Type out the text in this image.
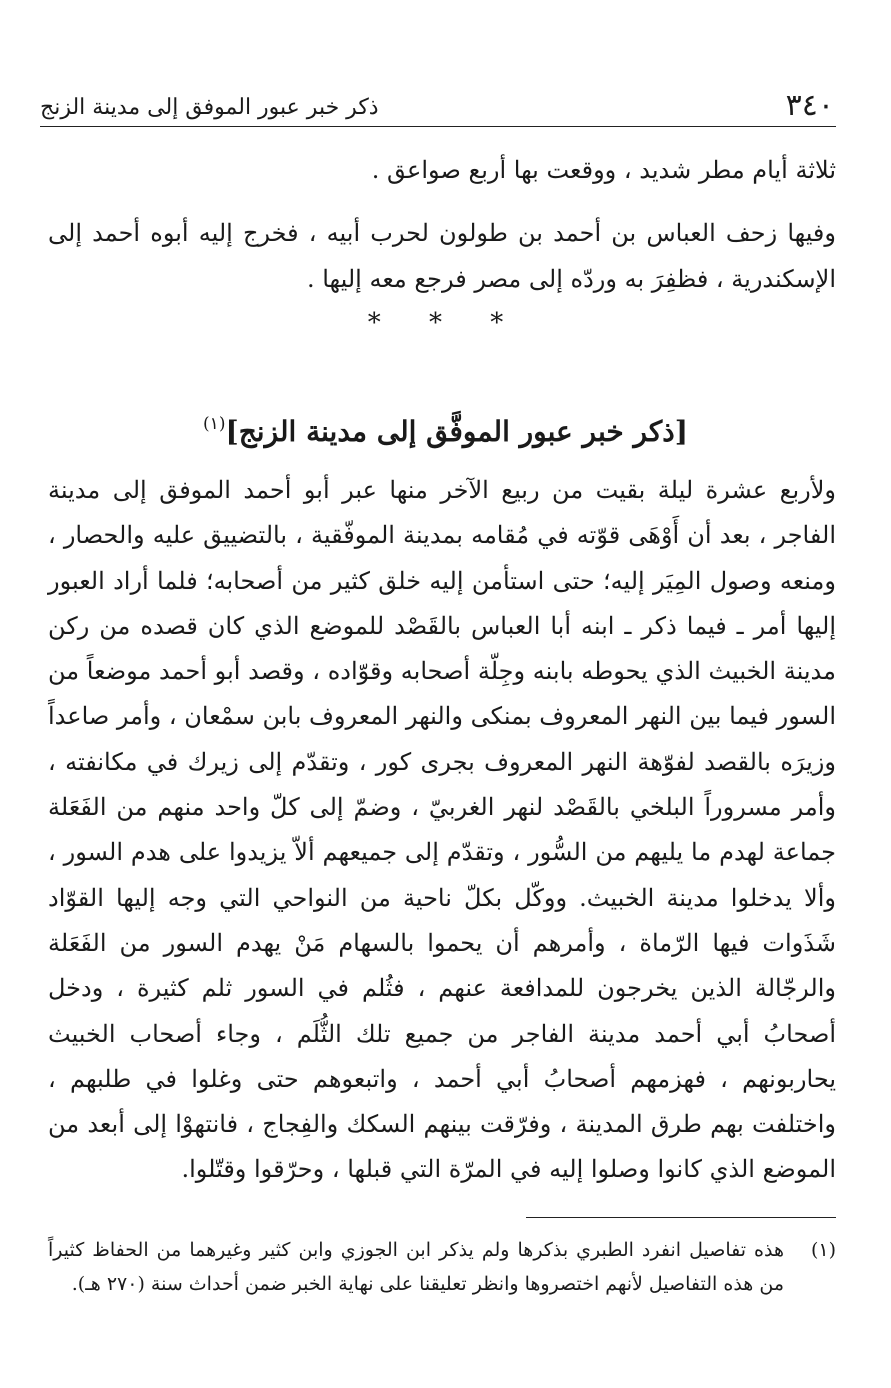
٣٤٠
ذكر خبر عبور الموفق إلى مدينة الزنج

ثلاثة أيام مطر شديد ، ووقعت بها أربع صواعق .

وفيها زحف العباس بن أحمد بن طولون لحرب أبيه ، فخرج إليه أبوه أحمد إلى الإسكندرية ، فظفِرَ به وردّه إلى مصر فرجع معه إليها .

* * *
[ذكر خبر عبور الموفَّق إلى مدينة الزنج]$^{(١)}$

ولأربع عشرة ليلة بقيت من ربيع الآخر منها عبر أبو أحمد الموفق إلى مدينة الفاجر ، بعد أن أَوْهَى قوّته في مُقامه بمدينة الموفّقية ، بالتضييق عليه والحصار ، ومنعه وصول المِيَر إليه؛ حتى استأمن إليه خلق كثير من أصحابه؛ فلما أراد العبور إليها أمر ـ فيما ذكر ـ ابنه أبا العباس بالقَصْد للموضع الذي كان قصده من ركن مدينة الخبيث الذي يحوطه بابنه وجِلّة أصحابه وقوّاده ، وقصد أبو أحمد موضعاً من السور فيما بين النهر المعروف بمنكى والنهر المعروف بابن سمْعان ، وأمر صاعداً وزيرَه بالقصد لفوّهة النهر المعروف بجرى كور ، وتقدّم إلى زيرك في مكانفته ، وأمر مسروراً البلخي بالقَصْد لنهر الغربيّ ، وضمّ إلى كلّ واحد منهم من الفَعَلة جماعة لهدم ما يليهم من السُّور ، وتقدّم إلى جميعهم ألاّ يزيدوا على هدم السور ، وألا يدخلوا مدينة الخبيث. ووكّل بكلّ ناحية من النواحي التي وجه إليها القوّاد شَذَوات فيها الرّماة ، وأمرهم أن يحموا بالسهام مَنْ يهدم السور من الفَعَلة والرجّالة الذين يخرجون للمدافعة عنهم ، فثُلم في السور ثلم كثيرة ، ودخل أصحابُ أبي أحمد مدينة الفاجر من جميع تلك الثُّلَم ، وجاء أصحاب الخبيث يحاربونهم ، فهزمهم أصحابُ أبي أحمد ، واتبعوهم حتى وغلوا في طلبهم ، واختلفت بهم طرق المدينة ، وفرّقت بينهم السكك والفِجاج ، فانتهوْا إلى أبعد من الموضع الذي كانوا وصلوا إليه في المرّة التي قبلها ، وحرّقوا وقتّلوا.

(١)
هذه تفاصيل انفرد الطبري بذكرها ولم يذكر ابن الجوزي وابن كثير وغيرهما من الحفاظ كثيراً من هذه التفاصيل لأنهم اختصروها وانظر تعليقنا على نهاية الخبر ضمن أحداث سنة (٢٧٠ هـ).
